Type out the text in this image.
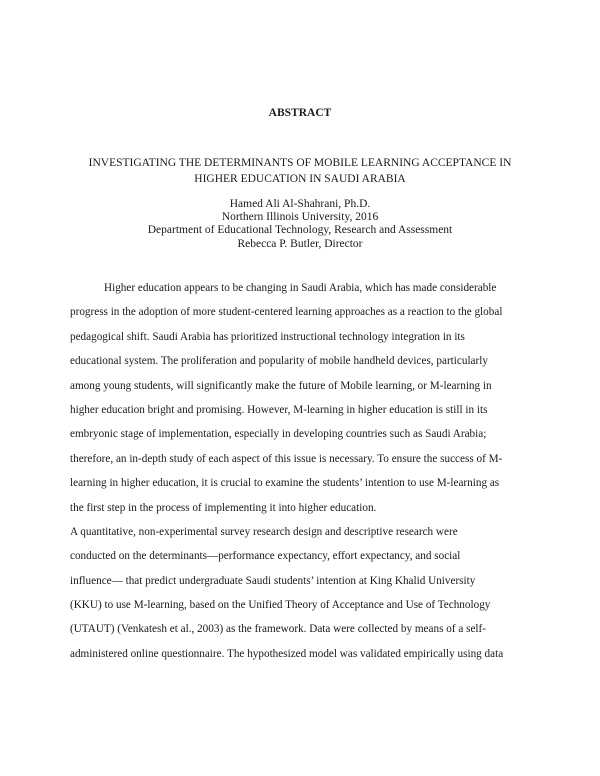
ABSTRACT
INVESTIGATING THE DETERMINANTS OF MOBILE LEARNING ACCEPTANCE IN
HIGHER EDUCATION IN SAUDI ARABIA
Hamed Ali Al-Shahrani, Ph.D.
Northern Illinois University, 2016
Department of Educational Technology, Research and Assessment
Rebecca P. Butler, Director
Higher education appears to be changing in Saudi Arabia, which has made considerable
progress in the adoption of more student-centered learning approaches as a reaction to the global
pedagogical shift. Saudi Arabia has prioritized instructional technology integration in its
educational system. The proliferation and popularity of mobile handheld devices, particularly
among young students, will significantly make the future of Mobile learning, or M-learning in
higher education bright and promising. However, M-learning in higher education is still in its
embryonic stage of implementation, especially in developing countries such as Saudi Arabia;
therefore, an in-depth study of each aspect of this issue is necessary. To ensure the success of M-
learning in higher education, it is crucial to examine the students’ intention to use M-learning as
the first step in the process of implementing it into higher education.
A quantitative, non-experimental survey research design and descriptive research were
conducted on the determinants—performance expectancy, effort expectancy, and social
influence— that predict undergraduate Saudi students’ intention at King Khalid University
(KKU) to use M-learning, based on the Unified Theory of Acceptance and Use of Technology
(UTAUT) (Venkatesh et al., 2003) as the framework. Data were collected by means of a self-
administered online questionnaire. The hypothesized model was validated empirically using data
